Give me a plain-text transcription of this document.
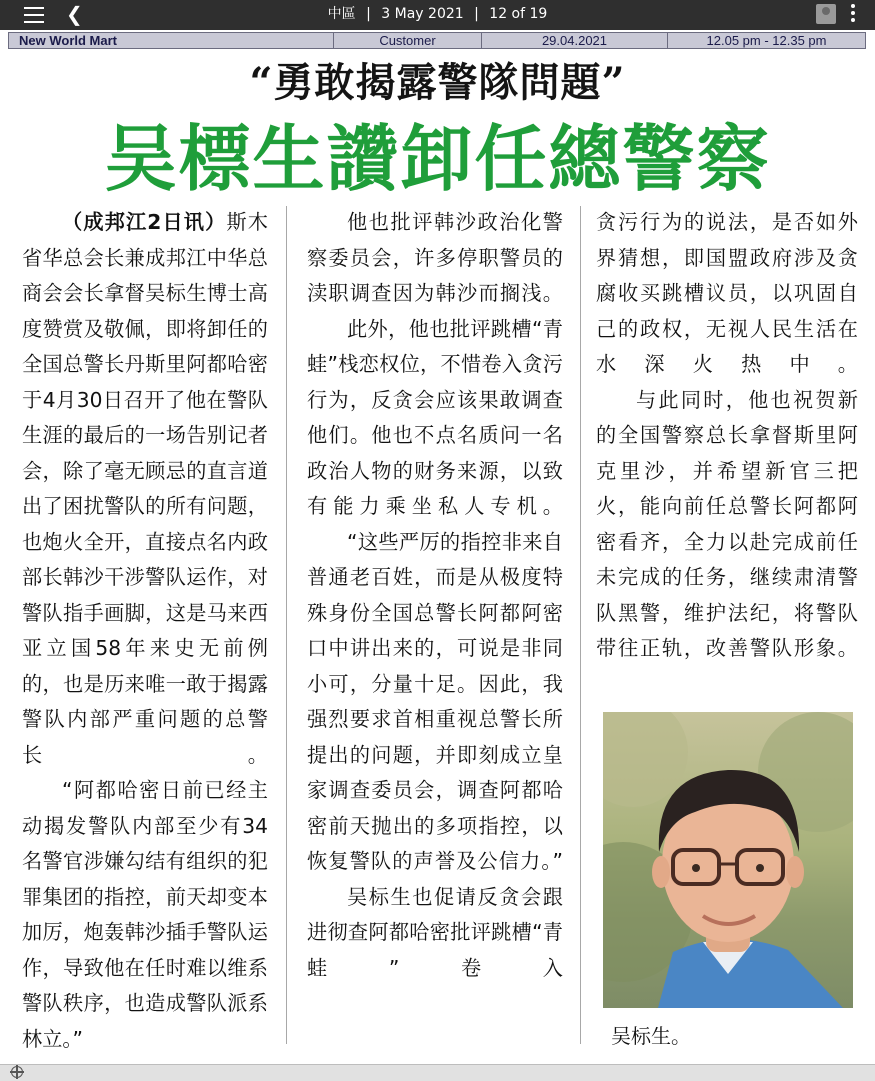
❮	中區 | 3 May 2021 | 12 of 19
New World Mart	Customer	29.04.2021	12.05 pm - 12.35 pm
“勇敢揭露警隊問題”
吴標生讚卸任總警察

（成邦江2日讯）斯木省华总会长兼成邦江中华总商会会长拿督吴标生博士高度赞赏及敬佩，即将卸任的全国总警长丹斯里阿都哈密于4月30日召开了他在警队生涯的最后的一场告别记者会，除了毫无顾忌的直言道出了困扰警队的所有问题，也炮火全开，直接点名内政部长韩沙干涉警队运作，对警队指手画脚，这是马来西亚立国58年来史无前例的，也是历来唯一敢于揭露警队内部严重问题的总警长。

“阿都哈密日前已经主动揭发警队内部至少有34名警官涉嫌勾结有组织的犯罪集团的指控，前天却变本加厉，炮轰韩沙插手警队运作，导致他在任时难以维系警队秩序，也造成警队派系林立。”

他也批评韩沙政治化警察委员会，许多停职警员的渎职调查因为韩沙而搁浅。

此外，他也批评跳槽“青蛙”栈恋权位，不惜卷入贪污行为，反贪会应该果敢调查他们。他也不点名质问一名政治人物的财务来源，以致有能力乘坐私人专机。

“这些严厉的指控非来自普通老百姓，而是从极度特殊身份全国总警长阿都阿密口中讲出来的，可说是非同小可，分量十足。因此，我强烈要求首相重视总警长所提出的问题，并即刻成立皇家调查委员会，调查阿都哈密前天抛出的多项指控，以恢复警队的声誉及公信力。”

吴标生也促请反贪会跟进彻查阿都哈密批评跳槽“青蛙”卷入

贪污行为的说法，是否如外界猜想，即国盟政府涉及贪腐收买跳槽议员，以巩固自己的政权，无视人民生活在水深火热中。

与此同时，他也祝贺新的全国警察总长拿督斯里阿克里沙，并希望新官三把火，能向前任总警长阿都阿密看齐，全力以赴完成前任未完成的任务，继续肃清警队黑警，维护法纪，将警队带往正轨，改善警队形象。

吴标生。
